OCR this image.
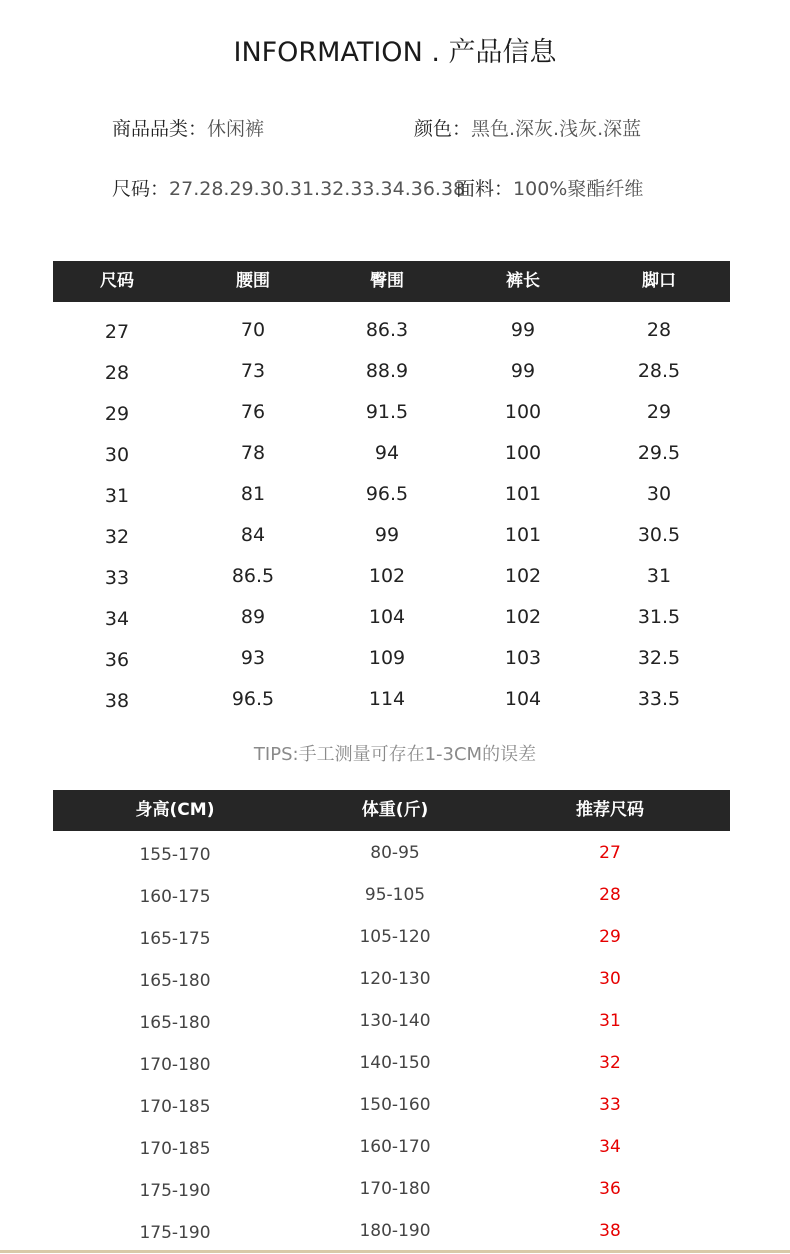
INFORMATION . 产品信息
商品品类：休闲裤	颜色：黑色.深灰.浅灰.深蓝
尺码：27.28.29.30.31.32.33.34.36.38
面料：100%聚酯纤维
尺码	腰围	臀围	裤长	脚口
27	70	86.3	99	28
28	73	88.9	99	28.5
29	76	91.5	100	29
30	78	94	100	29.5
31	81	96.5	101	30
32	84	99	101	30.5
33	86.5	102	102	31
34	89	104	102	31.5
36	93	109	103	32.5
38	96.5	114	104	33.5
TIPS:手工测量可存在1-3CM的误差
身高(CM)	体重(斤)	推荐尺码
155-170	80-95	27
160-175	95-105	28
165-175	105-120	29
165-180	120-130	30
165-180	130-140	31
170-180	140-150	32
170-185	150-160	33
170-185	160-170	34
175-190	170-180	36
175-190	180-190	38
